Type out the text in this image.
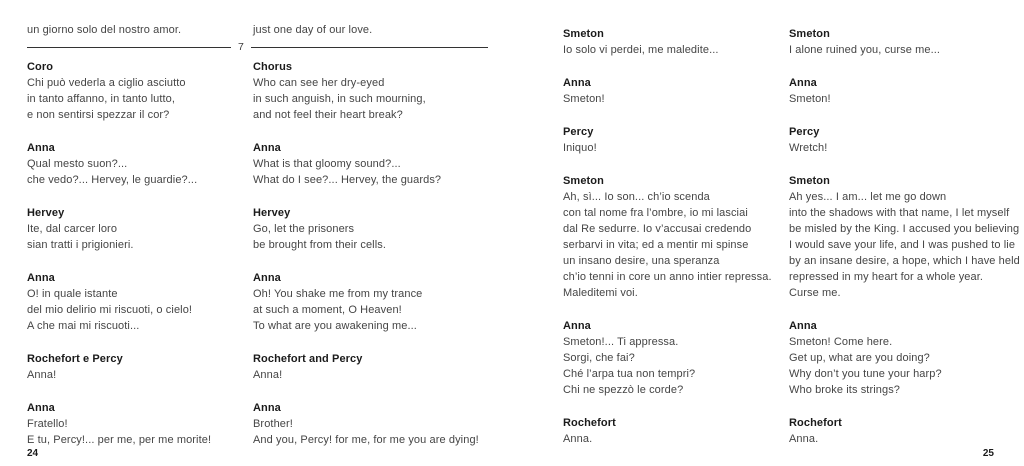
un giorno solo del nostro amor.	just one day of our love.
7
Coro
Chi può vederla a ciglio asciutto
in tanto affanno, in tanto lutto,
e non sentirsi spezzar il cor?
Anna
Qual mesto suon?...
che vedo?... Hervey, le guardie?...
Hervey
Ite, dal carcer loro
sian tratti i prigionieri.
Anna
O! in quale istante
del mio delirio mi riscuoti, o cielo!
A che mai mi riscuoti...
Rochefort e Percy
Anna!
Anna
Fratello!
E tu, Percy!... per me, per me morite!
Chorus
Who can see her dry-eyed
in such anguish, in such mourning,
and not feel their heart break?
Anna
What is that gloomy sound?...
What do I see?... Hervey, the guards?
Hervey
Go, let the prisoners
be brought from their cells.
Anna
Oh! You shake me from my trance
at such a moment, O Heaven!
To what are you awakening me...
Rochefort and Percy
Anna!
Anna
Brother!
And you, Percy! for me, for me you are dying!
24
Smeton
Io solo vi perdei, me maledite...
Anna
Smeton!
Percy
Iniquo!
Smeton
Ah, sì... Io son... ch’io scenda
con tal nome fra l’ombre, io mi lasciai
dal Re sedurre. Io v’accusai credendo
serbarvi in vita; ed a mentir mi spinse
un insano desire, una speranza
ch’io tenni in core un anno intier repressa.
Maleditemi voi.
Anna
Smeton!... Ti appressa.
Sorgi, che fai?
Ché l’arpa tua non tempri?
Chi ne spezzò le corde?
Rochefort
Anna.
Smeton
I alone ruined you, curse me...
Anna
Smeton!
Percy
Wretch!
Smeton
Ah yes... I am... let me go down
into the shadows with that name, I let myself
be misled by the King. I accused you believing
I would save your life, and I was pushed to lie
by an insane desire, a hope, which I have held
repressed in my heart for a whole year.
Curse me.
Anna
Smeton! Come here.
Get up, what are you doing?
Why don’t you tune your harp?
Who broke its strings?
Rochefort
Anna.
25
